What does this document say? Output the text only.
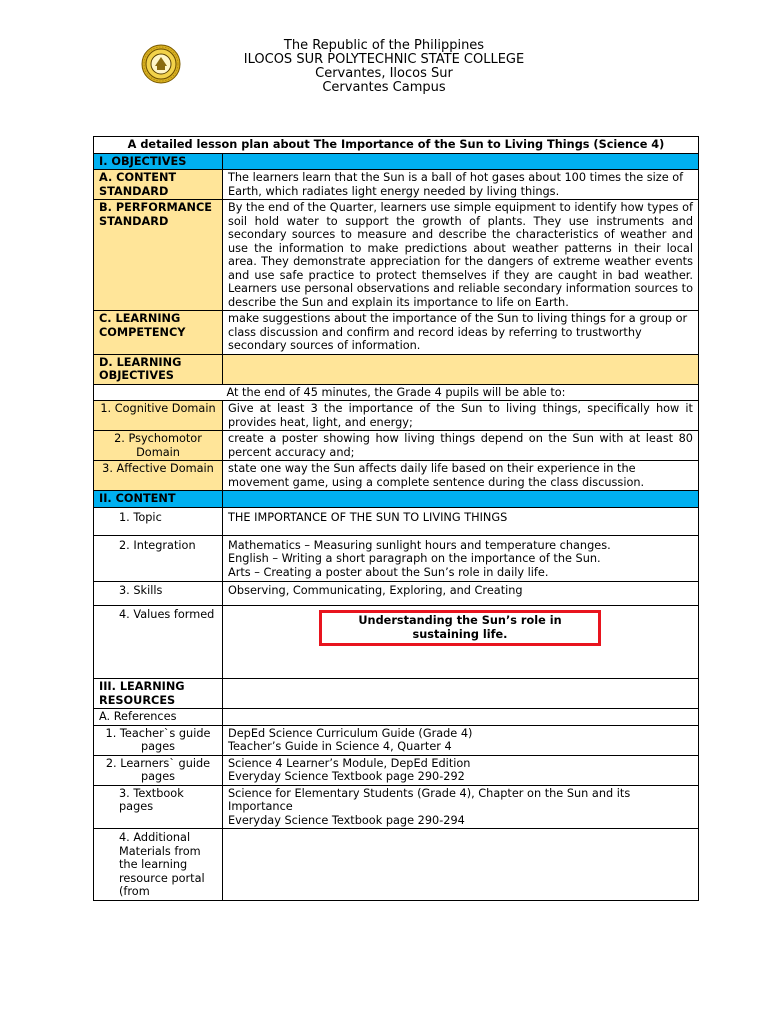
The Republic of the Philippines
ILOCOS SUR POLYTECHNIC STATE COLLEGE
Cervantes, Ilocos Sur
Cervantes Campus
A detailed lesson plan about The Importance of the Sun to Living Things (Science 4)	
I. OBJECTIVES	
A. CONTENT STANDARD	The learners learn that the Sun is a ball of hot gases about 100 times the size of Earth, which radiates light energy needed by living things.
B. PERFORMANCE STANDARD	By the end of the Quarter, learners use simple equipment to identify how types of soil hold water to support the growth of plants. They use instruments and secondary sources to measure and describe the characteristics of weather and use the information to make predictions about weather patterns in their local area. They demonstrate appreciation for the dangers of extreme weather events and use safe practice to protect themselves if they are caught in bad weather. Learners use personal observations and reliable secondary information sources to describe the Sun and explain its importance to life on Earth.
C. LEARNING COMPETENCY	make suggestions about the importance of the Sun to living things for a group or class discussion and confirm and record ideas by referring to trustworthy secondary sources of information.
D. LEARNING OBJECTIVES	
At the end of 45 minutes, the Grade 4 pupils will be able to:	
1. Cognitive Domain	Give at least 3 the importance of the Sun to living things, specifically how it provides heat, light, and energy;
2. Psychomotor Domain	create a poster showing how living things depend on the Sun with at least 80 percent accuracy and;
3. Affective Domain	state one way the Sun affects daily life based on their experience in the movement game, using a complete sentence during the class discussion.
II. CONTENT	
1. Topic	THE IMPORTANCE OF THE SUN TO LIVING THINGS
2. Integration	Mathematics – Measuring sunlight hours and temperature changes.
English – Writing a short paragraph on the importance of the Sun.
Arts – Creating a poster about the Sun’s role in daily life.

3. Skills	Observing, Communicating, Exploring, and Creating
4. Values formed	Understanding the Sun’s role in sustaining life.

III. LEARNING RESOURCES	
A. References	
1. Teacher`s guide pages	DepEd Science Curriculum Guide (Grade 4)
Teacher’s Guide in Science 4, Quarter 4

2. Learners` guide pages	Science 4 Learner’s Module, DepEd Edition
Everyday Science Textbook page 290-292

3. Textbook pages	Science for Elementary Students (Grade 4), Chapter on the Sun and its Importance
Everyday Science Textbook page 290-294

4. Additional Materials from the learning resource portal (from	
